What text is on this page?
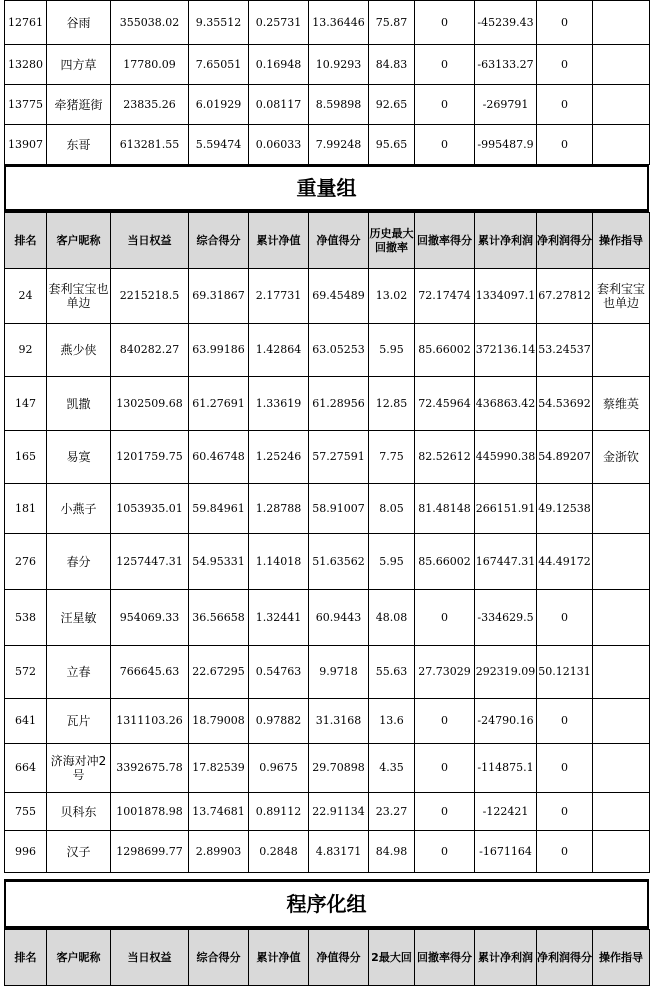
12761	谷雨	355038.02	9.35512	0.25731	13.36446	75.87	0	-45239.43	0	
13280	四方草	17780.09	7.65051	0.16948	10.9293	84.83	0	-63133.27	0	
13775	牵猪逛街	23835.26	6.01929	0.08117	8.59898	92.65	0	-269791	0	
13907	东哥	613281.55	5.59474	0.06033	7.99248	95.65	0	-995487.9	0	
重量组
排名	客户昵称	当日权益	综合得分	累计净值	净值得分	历史最大回撤率	回撤率得分	累计净利润	净利润得分	操作指导
24	套利宝宝也单边	2215218.5	69.31867	2.17731	69.45489	13.02	72.17474	1334097.1	67.27812	套利宝宝也单边
92	燕少侠	840282.27	63.99186	1.42864	63.05253	5.95	85.66002	372136.14	53.24537	
147	凯撒	1302509.68	61.27691	1.33619	61.28956	12.85	72.45964	436863.42	54.53692	蔡维英
165	易寞	1201759.75	60.46748	1.25246	57.27591	7.75	82.52612	445990.38	54.89207	金浙钦
181	小燕子	1053935.01	59.84961	1.28788	58.91007	8.05	81.48148	266151.91	49.12538	
276	春分	1257447.31	54.95331	1.14018	51.63562	5.95	85.66002	167447.31	44.49172	
538	汪星敏	954069.33	36.56658	1.32441	60.9443	48.08	0	-334629.5	0	
572	立春	766645.63	22.67295	0.54763	9.9718	55.63	27.73029	292319.09	50.12131	
641	瓦片	1311103.26	18.79008	0.97882	31.3168	13.6	0	-24790.16	0	
664	济海对冲2号	3392675.78	17.82539	0.9675	29.70898	4.35	0	-114875.1	0	
755	贝科东	1001878.98	13.74681	0.89112	22.91134	23.27	0	-122421	0	
996	汉子	1298699.77	2.89903	0.2848	4.83171	84.98	0	-1671164	0	
程序化组
排名	客户昵称	当日权益	综合得分	累计净值	净值得分	2最大回	回撤率得分	累计净利润	净利润得分	操作指导
